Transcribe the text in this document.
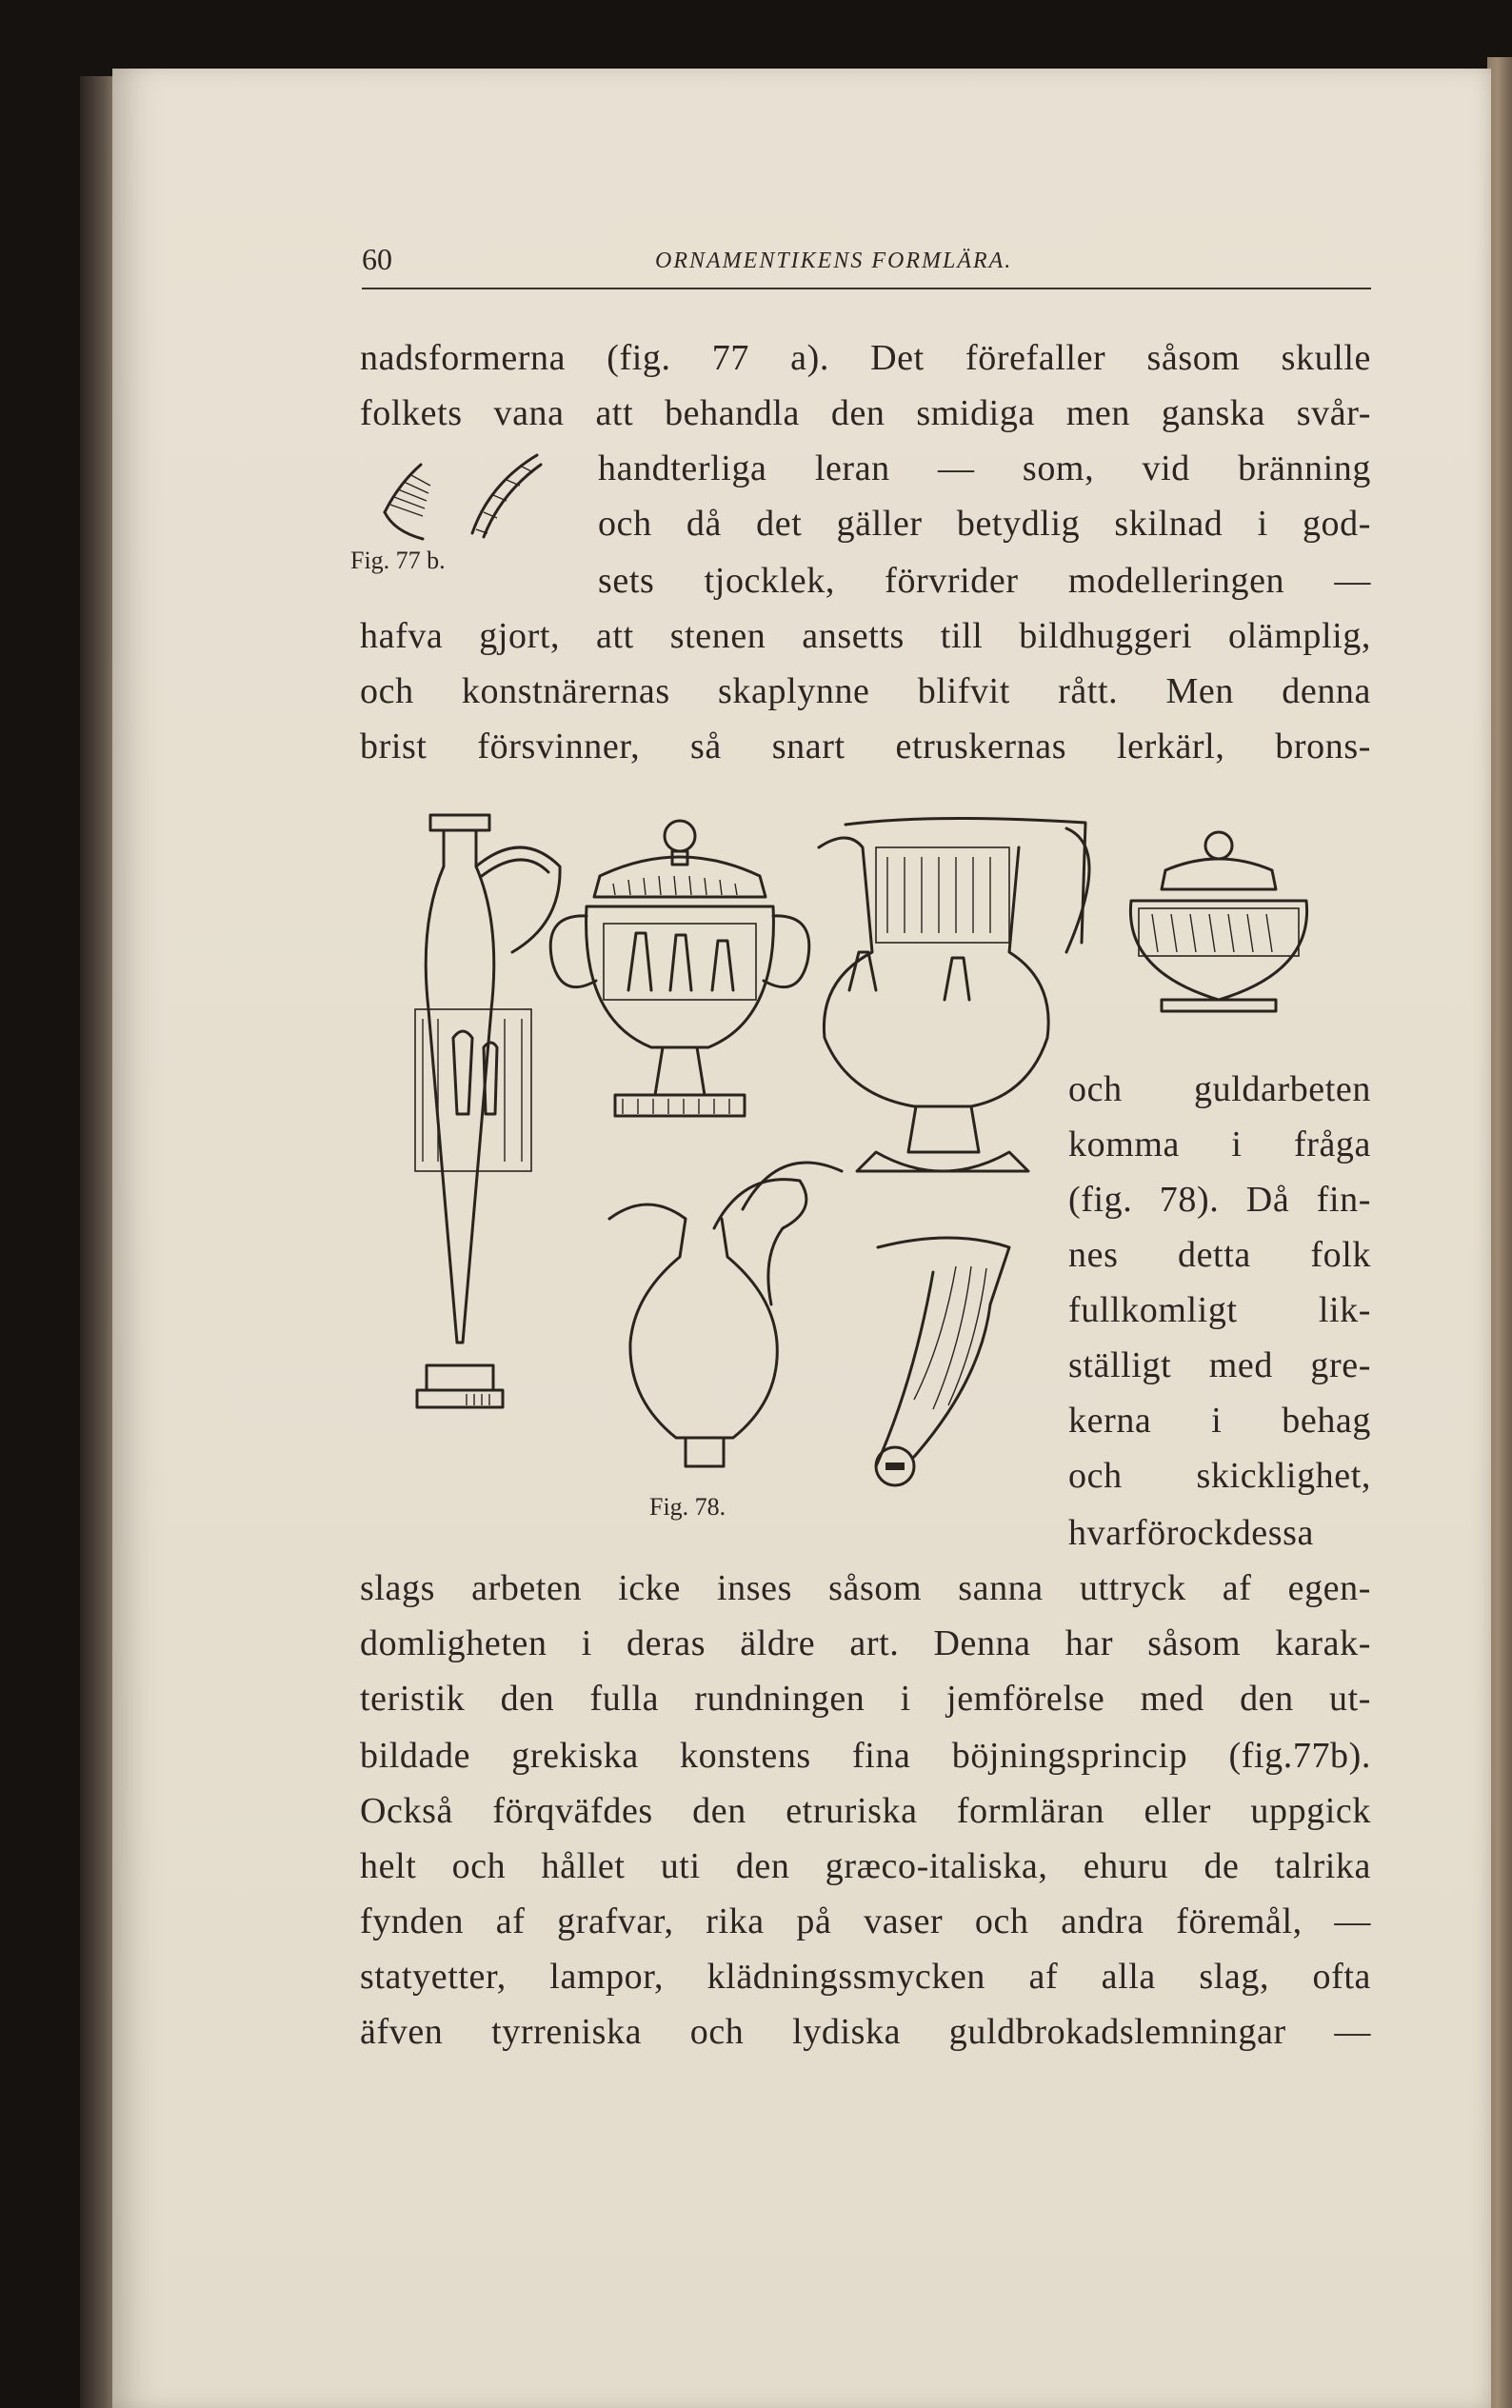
60	ORNAMENTIKENS FORMLÄRA.
nadsformerna (fig. 77 a). Det förefaller såsom skulle
folkets vana att behandla den smidiga men ganska svår-
handterliga leran — som, vid bränning
och då det gäller betydlig skilnad i god-
sets tjocklek, förvrider modelleringen —
hafva gjort, att stenen ansetts till bildhuggeri olämplig,
och konstnärernas skaplynne blifvit rått. Men denna
brist försvinner, så snart etruskernas lerkärl, brons-
och guldarbeten
komma i fråga
(fig. 78). Då fin-
nes detta folk
fullkomligt lik-
ställigt med gre-
kerna i behag
och skicklighet,
hvarförockdessa
slags arbeten icke inses såsom sanna uttryck af egen-
domligheten i deras äldre art. Denna har såsom karak-
teristik den fulla rundningen i jemförelse med den ut-
bildade grekiska konstens fina böjningsprincip (fig.77b).
Också förqväfdes den etruriska formläran eller uppgick
helt och hållet uti den græco-italiska, ehuru de talrika
fynden af grafvar, rika på vaser och andra föremål, —
statyetter, lampor, klädningssmycken af alla slag, ofta
äfven tyrreniska och lydiska guldbrokadslemningar —
Fig. 77 b.
Fig. 78.
